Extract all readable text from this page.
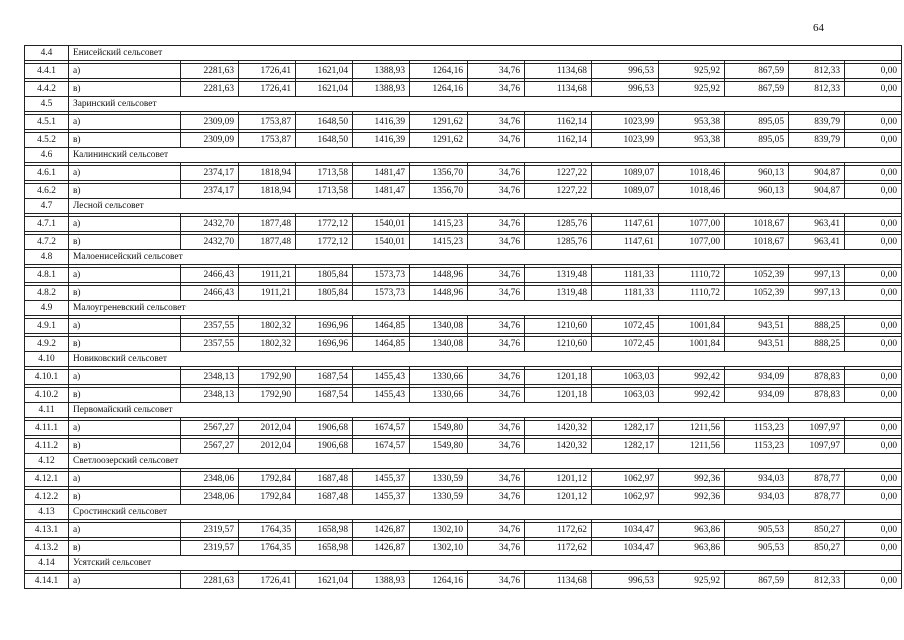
64
4.4	Енисейский сельсовет												

4.4.1	а)	2281,63	1726,41	1621,04	1388,93	1264,16	34,76	1134,68	996,53	925,92	867,59	812,33	0,00

4.4.2	в)	2281,63	1726,41	1621,04	1388,93	1264,16	34,76	1134,68	996,53	925,92	867,59	812,33	0,00
4.5	Заринский сельсовет												

4.5.1	а)	2309,09	1753,87	1648,50	1416,39	1291,62	34,76	1162,14	1023,99	953,38	895,05	839,79	0,00

4.5.2	в)	2309,09	1753,87	1648,50	1416,39	1291,62	34,76	1162,14	1023,99	953,38	895,05	839,79	0,00
4.6	Калининский сельсовет												

4.6.1	а)	2374,17	1818,94	1713,58	1481,47	1356,70	34,76	1227,22	1089,07	1018,46	960,13	904,87	0,00

4.6.2	в)	2374,17	1818,94	1713,58	1481,47	1356,70	34,76	1227,22	1089,07	1018,46	960,13	904,87	0,00
4.7	Лесной сельсовет												

4.7.1	а)	2432,70	1877,48	1772,12	1540,01	1415,23	34,76	1285,76	1147,61	1077,00	1018,67	963,41	0,00

4.7.2	в)	2432,70	1877,48	1772,12	1540,01	1415,23	34,76	1285,76	1147,61	1077,00	1018,67	963,41	0,00
4.8	Малоенисейский сельсовет												

4.8.1	а)	2466,43	1911,21	1805,84	1573,73	1448,96	34,76	1319,48	1181,33	1110,72	1052,39	997,13	0,00

4.8.2	в)	2466,43	1911,21	1805,84	1573,73	1448,96	34,76	1319,48	1181,33	1110,72	1052,39	997,13	0,00
4.9	Малоугреневский сельсовет												

4.9.1	а)	2357,55	1802,32	1696,96	1464,85	1340,08	34,76	1210,60	1072,45	1001,84	943,51	888,25	0,00

4.9.2	в)	2357,55	1802,32	1696,96	1464,85	1340,08	34,76	1210,60	1072,45	1001,84	943,51	888,25	0,00
4.10	Новиковский сельсовет												

4.10.1	а)	2348,13	1792,90	1687,54	1455,43	1330,66	34,76	1201,18	1063,03	992,42	934,09	878,83	0,00

4.10.2	в)	2348,13	1792,90	1687,54	1455,43	1330,66	34,76	1201,18	1063,03	992,42	934,09	878,83	0,00
4.11	Первомайский сельсовет												

4.11.1	а)	2567,27	2012,04	1906,68	1674,57	1549,80	34,76	1420,32	1282,17	1211,56	1153,23	1097,97	0,00

4.11.2	в)	2567,27	2012,04	1906,68	1674,57	1549,80	34,76	1420,32	1282,17	1211,56	1153,23	1097,97	0,00
4.12	Светлоозерский сельсовет												

4.12.1	а)	2348,06	1792,84	1687,48	1455,37	1330,59	34,76	1201,12	1062,97	992,36	934,03	878,77	0,00

4.12.2	в)	2348,06	1792,84	1687,48	1455,37	1330,59	34,76	1201,12	1062,97	992,36	934,03	878,77	0,00
4.13	Сростинский сельсовет												

4.13.1	а)	2319,57	1764,35	1658,98	1426,87	1302,10	34,76	1172,62	1034,47	963,86	905,53	850,27	0,00

4.13.2	в)	2319,57	1764,35	1658,98	1426,87	1302,10	34,76	1172,62	1034,47	963,86	905,53	850,27	0,00
4.14	Усятский сельсовет												

4.14.1	а)	2281,63	1726,41	1621,04	1388,93	1264,16	34,76	1134,68	996,53	925,92	867,59	812,33	0,00
